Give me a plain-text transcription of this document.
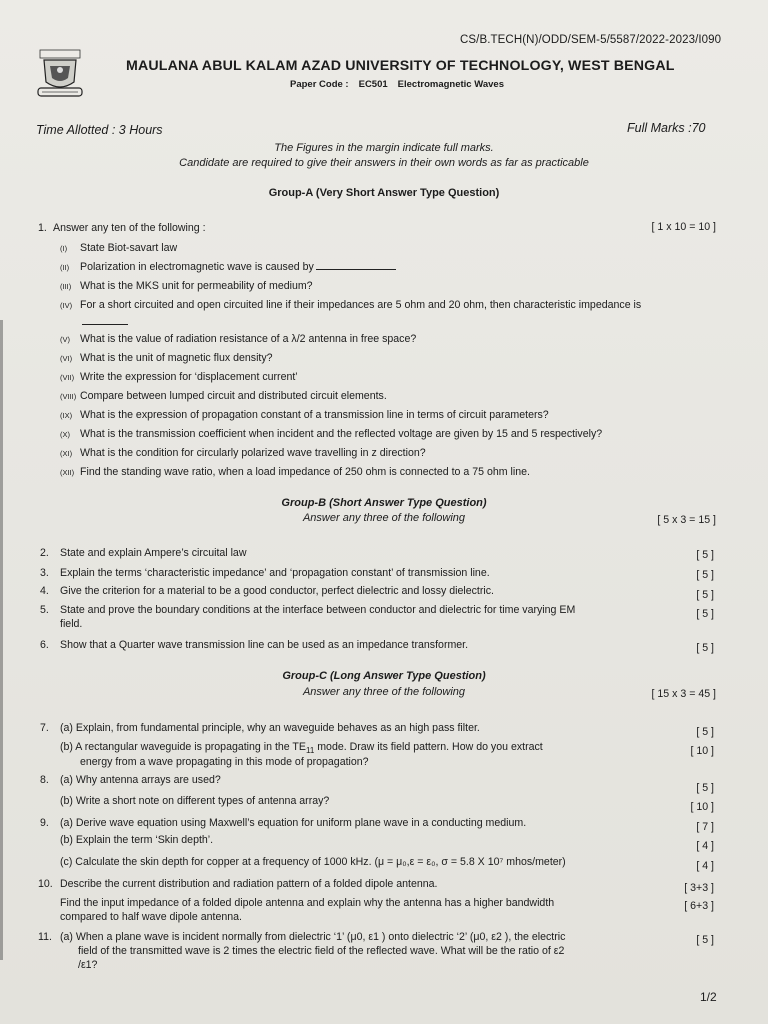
CS/B.TECH(N)/ODD/SEM-5/5587/2022-2023/I090
MAULANA ABUL KALAM AZAD UNIVERSITY OF TECHNOLOGY, WEST BENGAL
Paper Code : EC501 Electromagnetic Waves
Time Allotted : 3 Hours	Full Marks :70
The Figures in the margin indicate full marks.
Candidate are required to give their answers in their own words as far as practicable
Group-A (Very Short Answer Type Question)
1. Answer any ten of the following :	[ 1 x 10 = 10 ]
(I) State Biot-savart law
(II) Polarization in electromagnetic wave is caused by
(III) What is the MKS unit for permeability of medium?
(IV) For a short circuited and open circuited line if their impedances are 5 ohm and 20 ohm, then characteristic impedance is
(V) What is the value of radiation resistance of a λ/2 antenna in free space?
(VI) What is the unit of magnetic flux density?
(VII) Write the expression for ‘displacement current’
(VIII) Compare between lumped circuit and distributed circuit elements.
(IX) What is the expression of propagation constant of a transmission line in terms of circuit parameters?
(X) What is the transmission coefficient when incident and the reflected voltage are given by 15 and 5 respectively?
(XI) What is the condition for circularly polarized wave travelling in z direction?
(XII) Find the standing wave ratio, when a load impedance of 250 ohm is connected to a 75 ohm line.
Group-B (Short Answer Type Question)
Answer any three of the following	[ 5 x 3 = 15 ]
2. State and explain Ampere’s circuital law	[ 5 ]
3. Explain the terms ‘characteristic impedance’ and ‘propagation constant’ of transmission line.	[ 5 ]
4. Give the criterion for a material to be a good conductor, perfect dielectric and lossy dielectric.	[ 5 ]
5. State and prove the boundary conditions at the interface between conductor and dielectric for time varying EM
field.
[ 5 ]
6. Show that a Quarter wave transmission line can be used as an impedance transformer.	[ 5 ]
Group-C (Long Answer Type Question)
Answer any three of the following	[ 15 x 3 = 45 ]
7. (a) Explain, from fundamental principle, why an waveguide behaves as an high pass filter.	[ 5 ]
(b) A rectangular waveguide is propagating in the $TE_{11}$ mode. Draw its field pattern. How do you extract
energy from a wave propagating in this mode of propagation?
[ 10 ]
8. (a) Why antenna arrays are used?
[ 5 ]
(b) Write a short note on different types of antenna array?	[ 10 ]
9. (a) Derive wave equation using Maxwell’s equation for uniform plane wave in a conducting medium.	[ 7 ]
(b) Explain the term ‘Skin depth’.	[ 4 ]
(c) Calculate the skin depth for copper at a frequency of 1000 kHz. (μ = μ₀,ε = ε₀, σ = 5.8 X 10⁷ mhos/meter)	[ 4 ]
10. Describe the current distribution and radiation pattern of a folded dipole antenna.	[ 3+3 ]
Find the input impedance of a folded dipole antenna and explain why the antenna has a higher bandwidth
compared to half wave dipole antenna.
[ 6+3 ]
11. (a) When a plane wave is incident normally from dielectric ‘1’ (μ0, ε1 ) onto dielectric ‘2’ (μ0, ε2 ), the electric
field of the transmitted wave is 2 times the electric field of the reflected wave. What will be the ratio of ε2
/ε1?
[ 5 ]
1/2
